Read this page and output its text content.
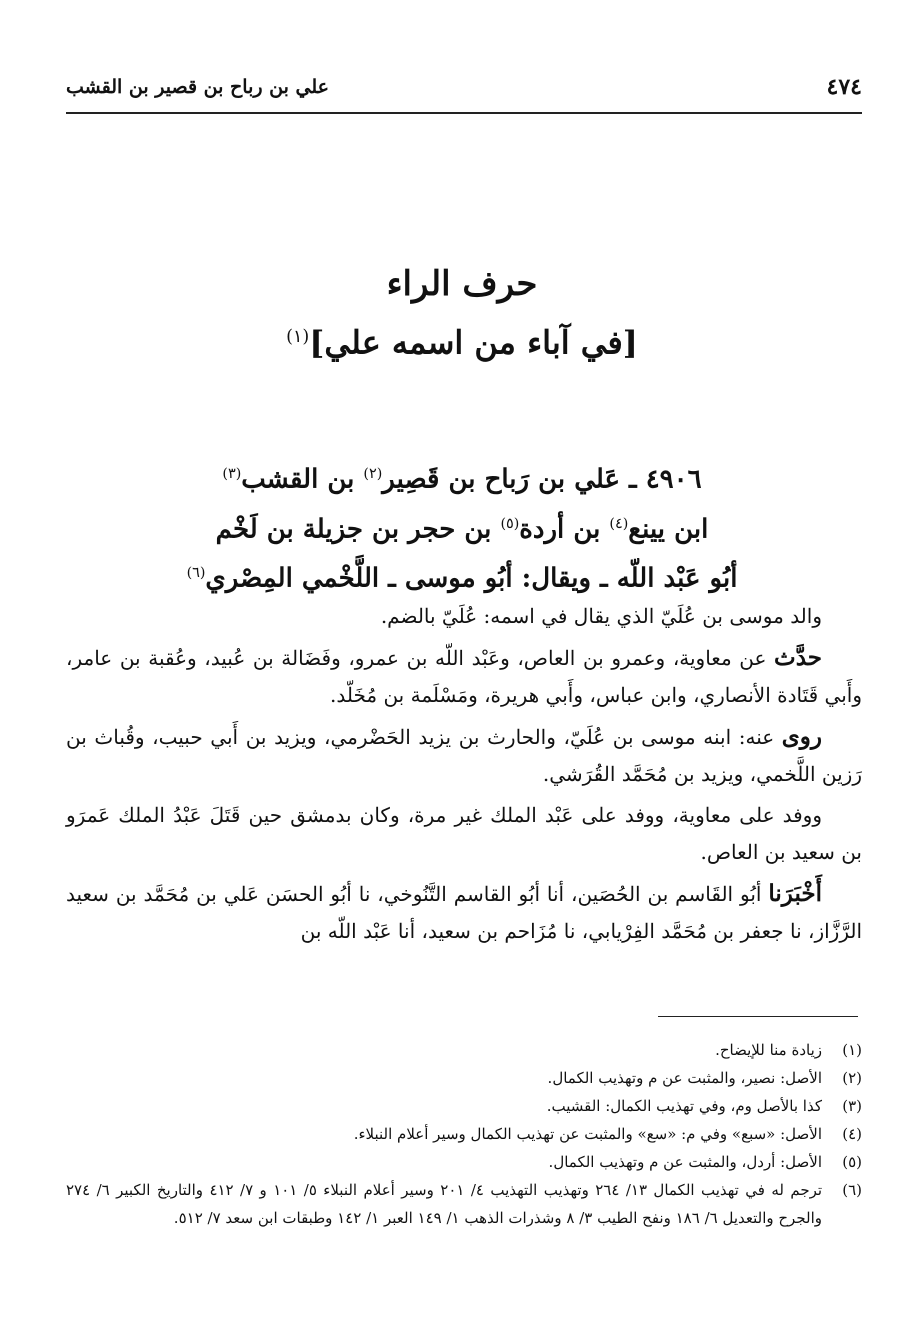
٤٧٤
علي بن رباح بن قصير بن القشب
حرف الراء
[في آباء من اسمه علي]$^{(١)}$
٤٩٠٦ ـ عَلي بن رَباح بن قَصِير$^{(٢)}$ بن القشب$^{(٣)}$
ابن يينع$^{(٤)}$ بن أردة$^{(٥)}$ بن حجر بن جزيلة بن لَخْم
أبُو عَبْد اللّه ـ ويقال: أبُو موسى ـ اللَّخْمي المِصْري$^{(٦)}$

والد موسى بن عُلَيّ الذي يقال في اسمه: عُلَيّ بالضم.

حدَّث عن معاوية، وعمرو بن العاص، وعَبْد اللّه بن عمرو، وفَضَالة بن عُبيد، وعُقبة بن عامر، وأَبي قَتَادة الأنصاري، وابن عباس، وأَبي هريرة، ومَسْلَمة بن مُخَلّد.

روى عنه: ابنه موسى بن عُلَيّ، والحارث بن يزيد الحَضْرمي، ويزيد بن أَبي حبيب، وقُباث بن رَزين اللَّخمي، ويزيد بن مُحَمَّد القُرَشي.

ووفد على معاوية، ووفد على عَبْد الملك غير مرة، وكان بدمشق حين قَتَلَ عَبْدُ الملك عَمرَو بن سعيد بن العاص.

أَخْبَرَنا أبُو القَاسم بن الحُصَين، أنا أبُو القاسم التَّنُوخي، نا أبُو الحسَن عَلي بن مُحَمَّد بن سعيد الرَّزَّاز، نا جعفر بن مُحَمَّد الفِرْيابي، نا مُزَاحم بن سعيد، أنا عَبْد اللّه بن

(١)
زيادة منا للإيضاح.
(٢)
الأصل: نصير، والمثبت عن م وتهذيب الكمال.
(٣)
كذا بالأصل وم، وفي تهذيب الكمال: القشيب.
(٤)
الأصل: «سبع» وفي م: «سع» والمثبت عن تهذيب الكمال وسير أعلام النبلاء.
(٥)
الأصل: أردل، والمثبت عن م وتهذيب الكمال.
(٦)
ترجم له في تهذيب الكمال ١٣/ ٢٦٤ وتهذيب التهذيب ٤/ ٢٠١ وسير أعلام النبلاء ٥/ ١٠١ و ٧/ ٤١٢ والتاريخ الكبير ٦/ ٢٧٤ والجرح والتعديل ٦/ ١٨٦ ونفح الطيب ٣/ ٨ وشذرات الذهب ١/ ١٤٩ العبر ١/ ١٤٢ وطبقات ابن سعد ٧/ ٥١٢.
